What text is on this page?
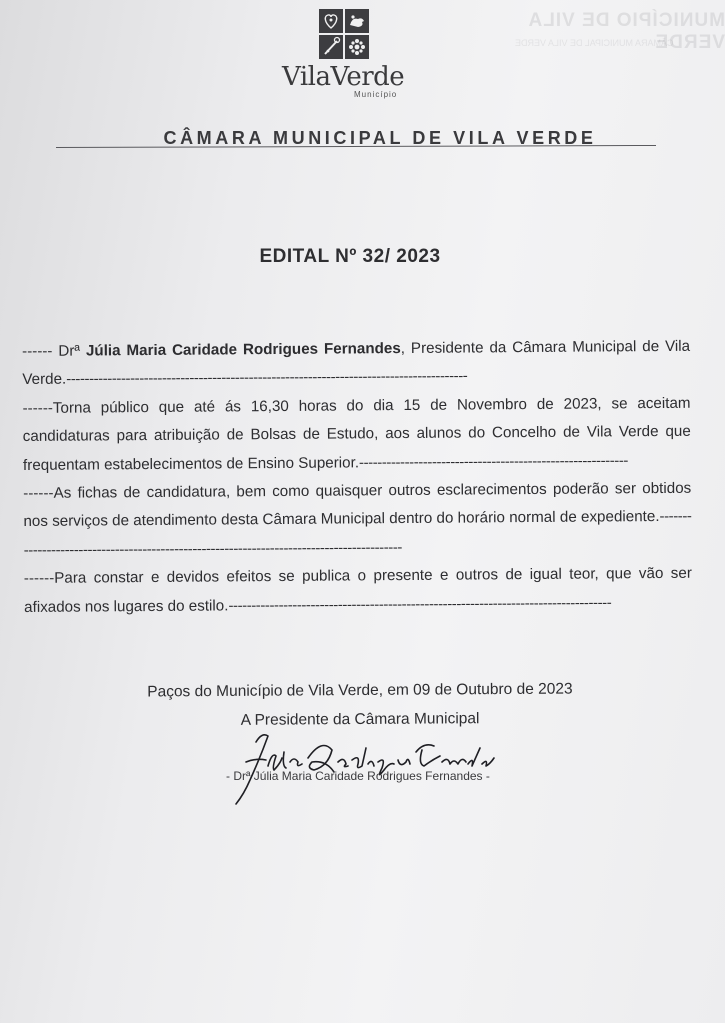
MUNICÍPIO DE VILA VERDE
CÂMARA MUNICIPAL DE VILA VERDE
VilaVerde
Município
CÂMARA MUNICIPAL DE VILA VERDE
EDITAL Nº 32/ 2023

------ Drª Júlia Maria Caridade Rodrigues Fernandes, Presidente da Câmara Municipal de Vila Verde.----------------------------------------------------------------------------------------

------Torna público que até ás 16,30 horas do dia 15 de Novembro de 2023, se aceitam candidaturas para atribuição de Bolsas de Estudo, aos alunos do Concelho de Vila Verde que frequentam estabelecimentos de Ensino Superior.-----------------------------------------------------------

------As fichas de candidatura, bem como quaisquer outros esclarecimentos poderão ser obtidos nos serviços de atendimento desta Câmara Municipal dentro do horário normal de expediente.------------------------------------------------------------------------------------------

------Para constar e devidos efeitos se publica o presente e outros de igual teor, que vão ser afixados nos lugares do estilo.------------------------------------------------------------------------------------

Paços do Município de Vila Verde, em 09 de Outubro de 2023
A Presidente da Câmara Municipal
- Drª Júlia Maria Caridade Rodrigues Fernandes -
